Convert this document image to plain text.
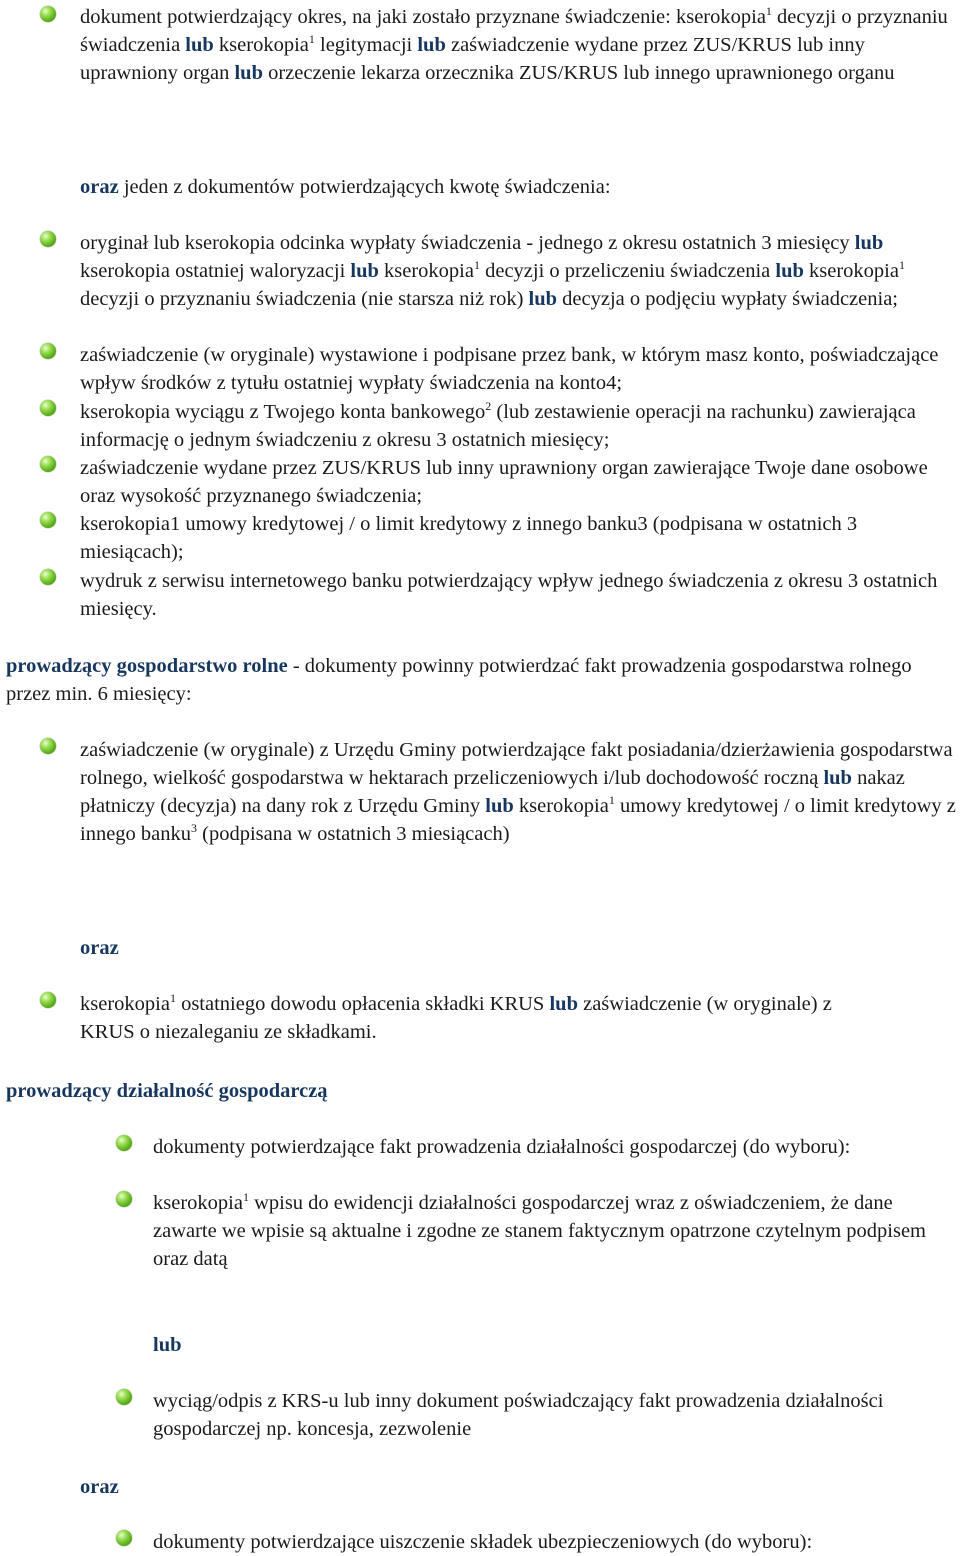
dokument potwierdzający okres, na jaki zostało przyznane świadczenie: kserokopia$^1$ decyzji o przyznaniu świadczenia lub kserokopia$^1$ legitymacji lub zaświadczenie wydane przez ZUS/KRUS lub inny uprawniony organ lub orzeczenie lekarza orzecznika ZUS/KRUS lub innego uprawnionego organu
oraz jeden z dokumentów potwierdzających kwotę świadczenia:
oryginał lub kserokopia odcinka wypłaty świadczenia - jednego z okresu ostatnich 3 miesięcy lub kserokopia ostatniej waloryzacji lub kserokopia$^1$ decyzji o przeliczeniu świadczenia lub kserokopia$^1$ decyzji o przyznaniu świadczenia (nie starsza niż rok) lub decyzja o podjęciu wypłaty świadczenia;
zaświadczenie (w oryginale) wystawione i podpisane przez bank, w którym masz konto, poświadczające wpływ środków z tytułu ostatniej wypłaty świadczenia na konto4;
kserokopia wyciągu z Twojego konta bankowego$^2$ (lub zestawienie operacji na rachunku) zawierająca informację o jednym świadczeniu z okresu 3 ostatnich miesięcy;
zaświadczenie wydane przez ZUS/KRUS lub inny uprawniony organ zawierające Twoje dane osobowe oraz wysokość przyznanego świadczenia;
kserokopia1 umowy kredytowej / o limit kredytowy z innego banku3 (podpisana w ostatnich 3 miesiącach);
wydruk z serwisu internetowego banku potwierdzający wpływ jednego świadczenia z okresu 3 ostatnich miesięcy.
prowadzący gospodarstwo rolne - dokumenty powinny potwierdzać fakt prowadzenia gospodarstwa rolnego przez min. 6 miesięcy:
zaświadczenie (w oryginale) z Urzędu Gminy potwierdzające fakt posiadania/dzierżawienia gospodarstwa rolnego, wielkość gospodarstwa w hektarach przeliczeniowych i/lub dochodowość roczną lub nakaz płatniczy (decyzja) na dany rok z Urzędu Gminy lub kserokopia$^1$ umowy kredytowej / o limit kredytowy z innego banku$^3$ (podpisana w ostatnich 3 miesiącach)
oraz
kserokopia$^1$ ostatniego dowodu opłacenia składki KRUS lub zaświadczenie (w oryginale) z KRUS o niezaleganiu ze składkami.
prowadzący działalność gospodarczą
dokumenty potwierdzające fakt prowadzenia działalności gospodarczej (do wyboru):
kserokopia$^1$ wpisu do ewidencji działalności gospodarczej wraz z oświadczeniem, że dane zawarte we wpisie są aktualne i zgodne ze stanem faktycznym opatrzone czytelnym podpisem oraz datą
lub
wyciąg/odpis z KRS-u lub inny dokument poświadczający fakt prowadzenia działalności gospodarczej np. koncesja, zezwolenie
oraz
dokumenty potwierdzające uiszczenie składek ubezpieczeniowych (do wyboru):
